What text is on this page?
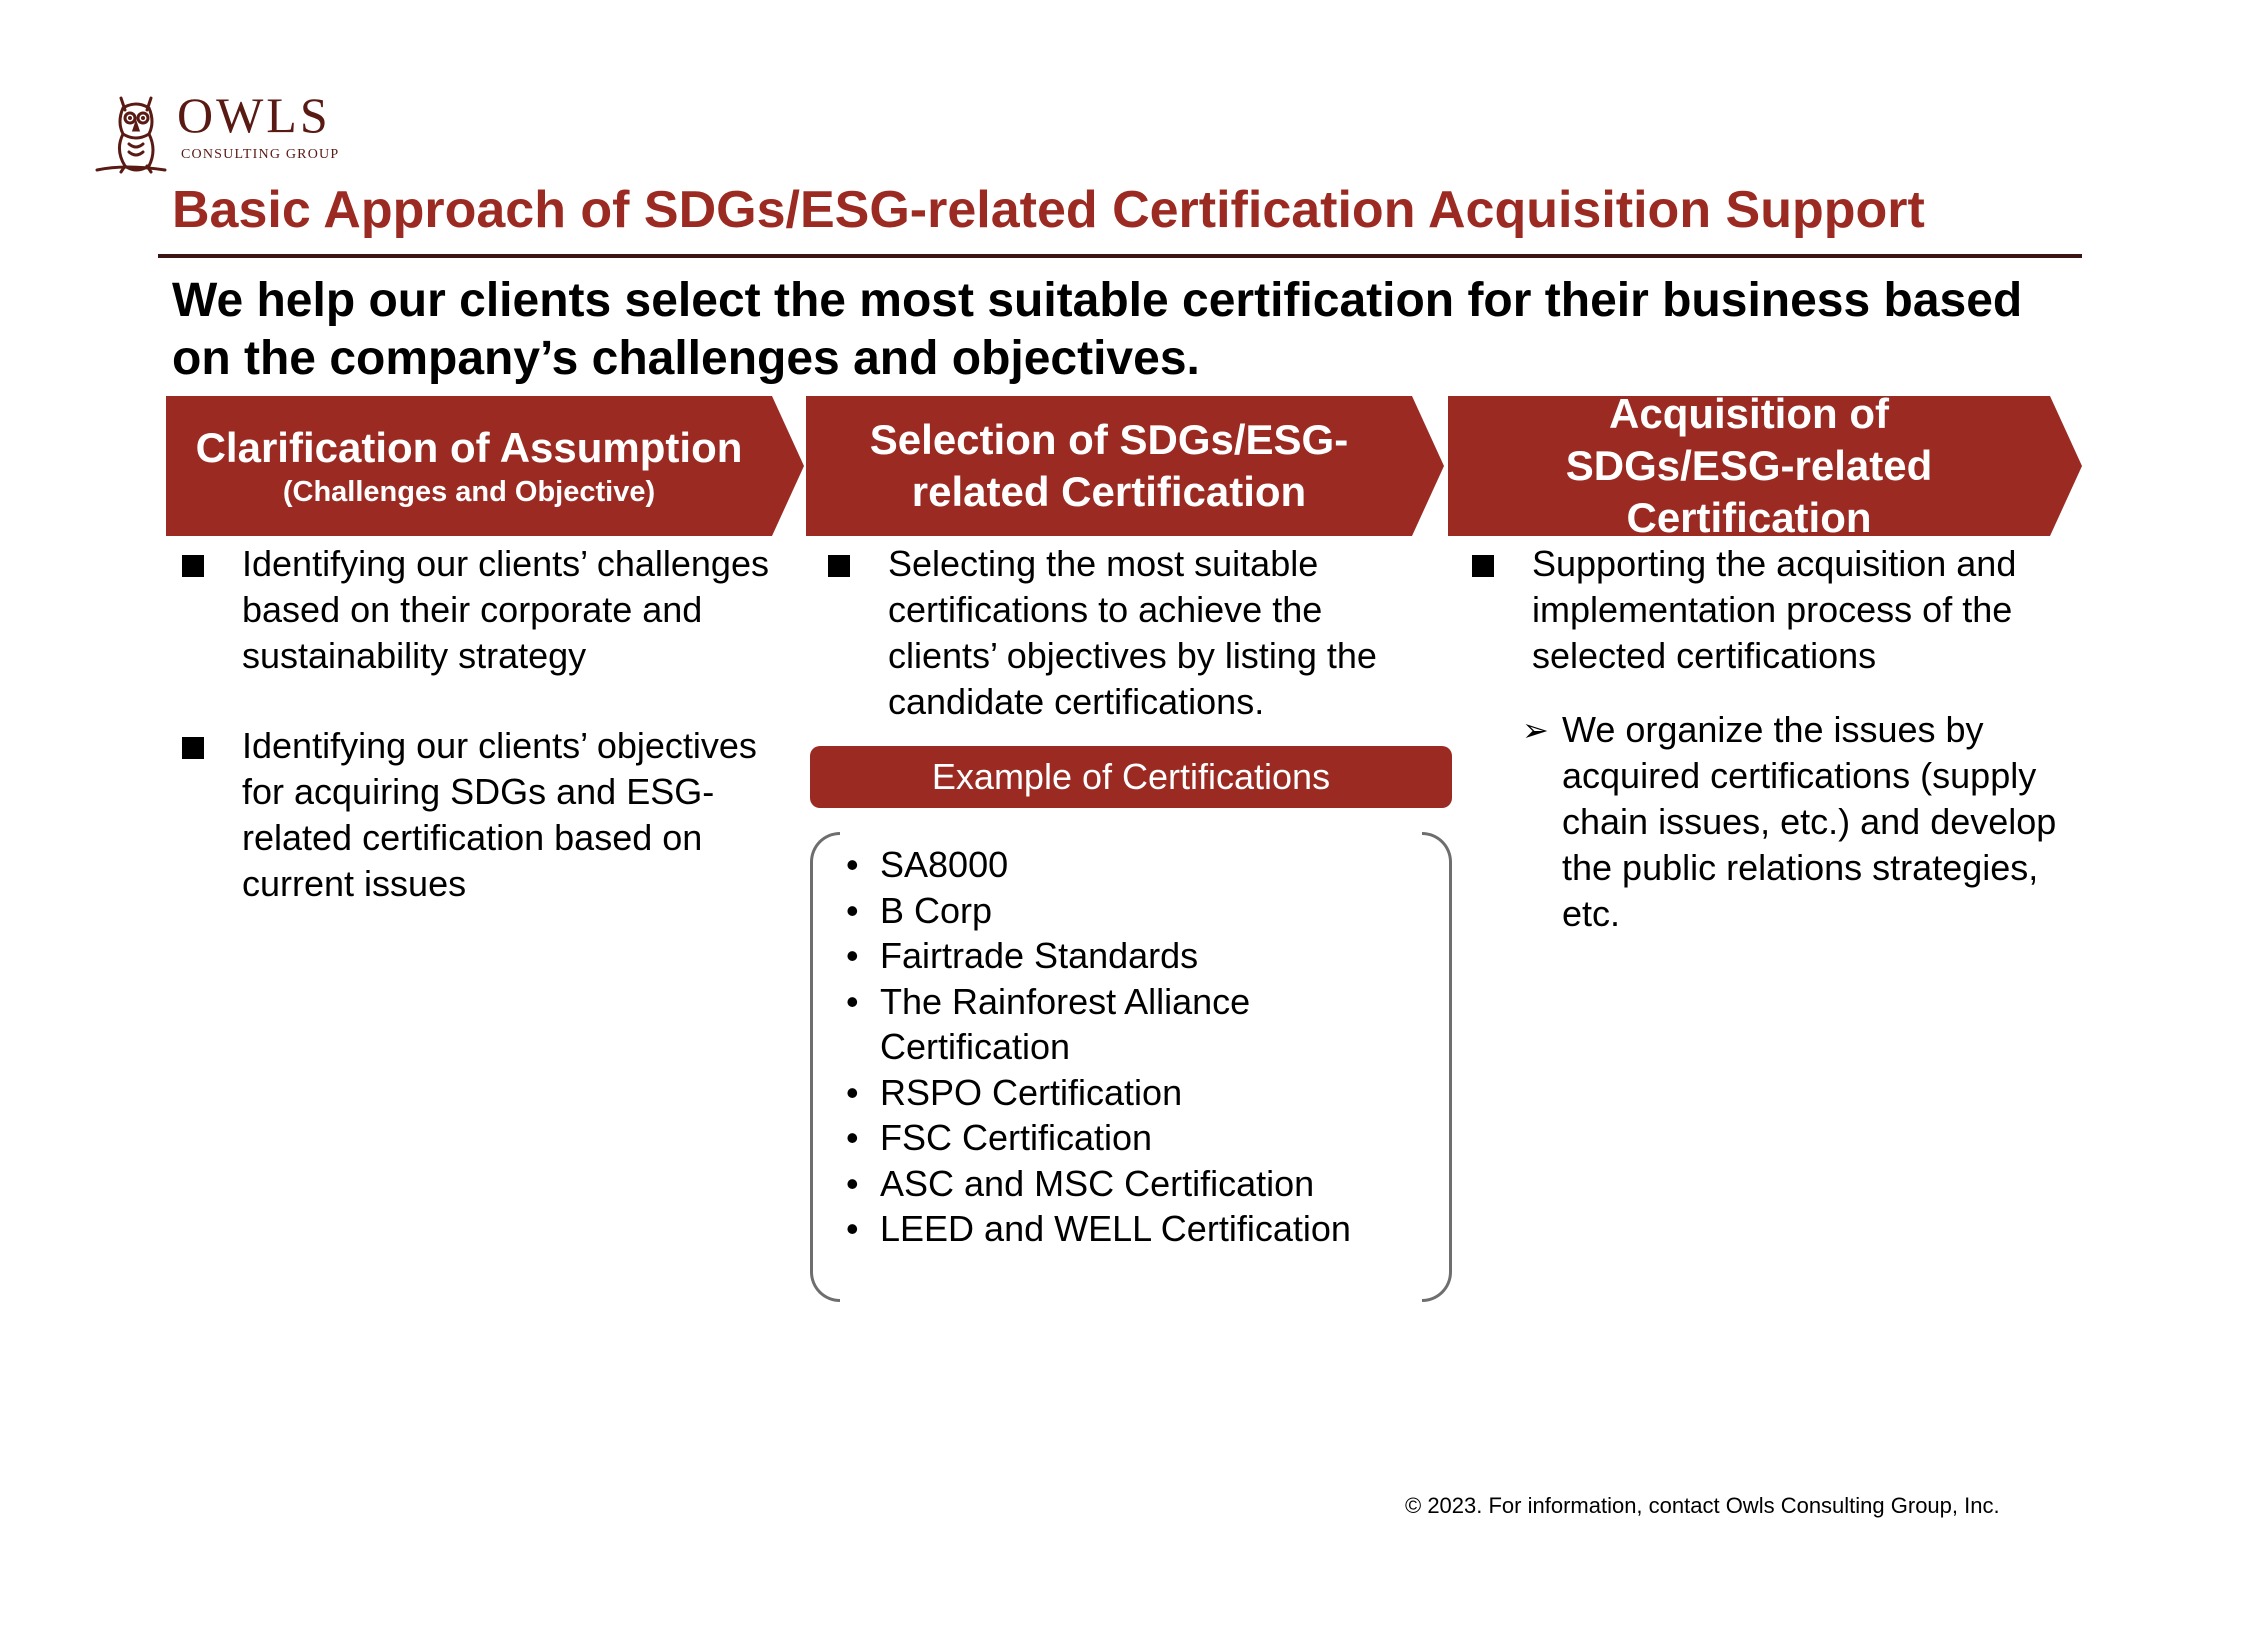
OWLS
CONSULTING GROUP
Basic Approach of SDGs/ESG-related Certification Acquisition Support
We help our clients select the most suitable certification for their business based on the company’s challenges and objectives.
Clarification of Assumption
(Challenges and Objective)
Selection of SDGs/ESG-related Certification
Acquisition of SDGs/ESG-related Certification
Identifying our clients’ challenges based on their corporate and sustainability strategy
Identifying our clients’ objectives for acquiring SDGs and ESG-related certification based on current issues
Selecting the most suitable certifications to achieve the clients’ objectives by listing the candidate certifications.
Example of Certifications
• SA8000
• B Corp
• Fairtrade Standards
• The Rainforest Alliance Certification
• RSPO Certification
• FSC Certification
• ASC and MSC Certification
• LEED and WELL Certification
Supporting the acquisition and implementation process of the selected certifications
➢ We organize the issues by acquired certifications (supply chain issues, etc.) and develop the public relations strategies, etc.
© 2023. For information, contact Owls Consulting Group, Inc.
